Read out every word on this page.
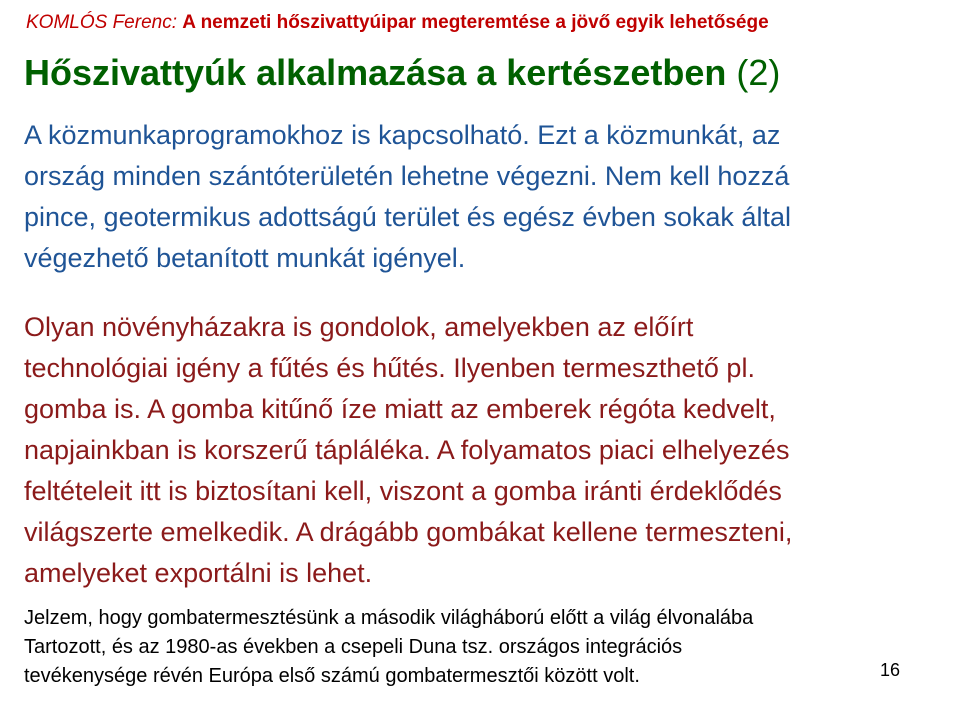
KOMLÓS Ferenc: A nemzeti hőszivattyúipar megteremtése a jövő egyik lehetősége
Hőszivattyúk alkalmazása a kertészetben (2)
A közmunkaprogramokhoz is kapcsolható. Ezt a közmunkát, az
ország minden szántóterületén lehetne végezni. Nem kell hozzá
pince, geotermikus adottságú terület és egész évben sokak által
végezhető betanított munkát igényel.
Olyan növényházakra is gondolok, amelyekben az előírt
technológiai igény a fűtés és hűtés. Ilyenben termeszthető pl.
gomba is. A gomba kitűnő íze miatt az emberek régóta kedvelt,
napjainkban is korszerű tápláléka. A folyamatos piaci elhelyezés
feltételeit itt is biztosítani kell, viszont a gomba iránti érdeklődés
világszerte emelkedik. A drágább gombákat kellene termeszteni,
amelyeket exportálni is lehet.
Jelzem, hogy gombatermesztésünk a második világháború előtt a világ élvonalába
Tartozott, és az 1980-as években a csepeli Duna tsz. országos integrációs
tevékenysége révén Európa első számú gombatermesztői között volt.	16
